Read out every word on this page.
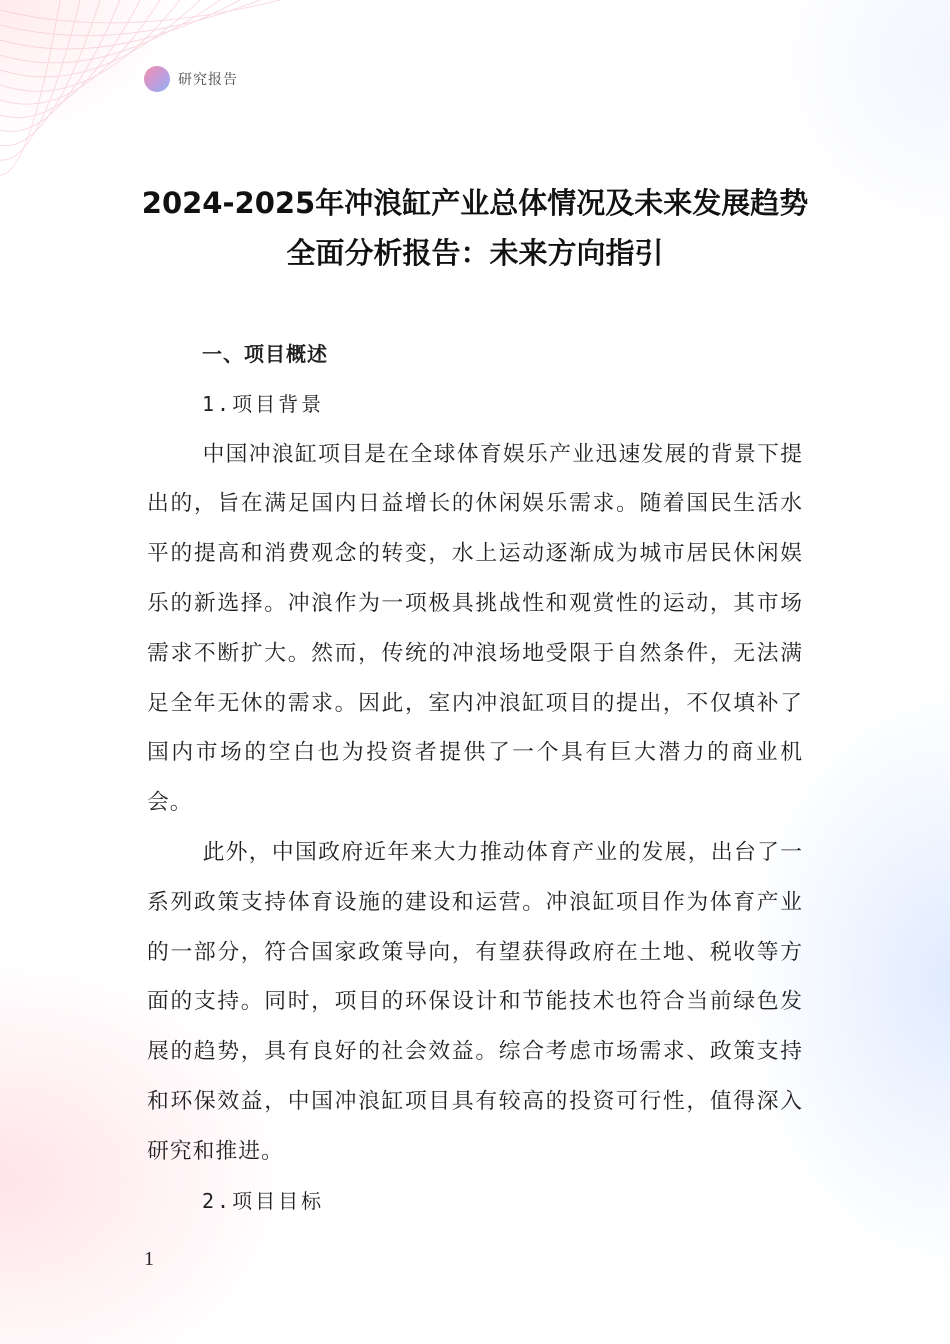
研究报告
2024-2025年冲浪缸产业总体情况及未来发展趋势全面分析报告：未来方向指引

一、项目概述

1.项目背景

中国冲浪缸项目是在全球体育娱乐产业迅速发展的背景下提出的，旨在满足国内日益增长的休闲娱乐需求。随着国民生活水平的提高和消费观念的转变，水上运动逐渐成为城市居民休闲娱乐的新选择。冲浪作为一项极具挑战性和观赏性的运动，其市场需求不断扩大。然而，传统的冲浪场地受限于自然条件，无法满足全年无休的需求。因此，室内冲浪缸项目的提出，不仅填补了国内市场的空白也为投资者提供了一个具有巨大潜力的商业机会。

此外，中国政府近年来大力推动体育产业的发展，出台了一系列政策支持体育设施的建设和运营。冲浪缸项目作为体育产业的一部分，符合国家政策导向，有望获得政府在土地、税收等方面的支持。同时，项目的环保设计和节能技术也符合当前绿色发展的趋势，具有良好的社会效益。综合考虑市场需求、政策支持和环保效益，中国冲浪缸项目具有较高的投资可行性，值得深入研究和推进。

2.项目目标

1
